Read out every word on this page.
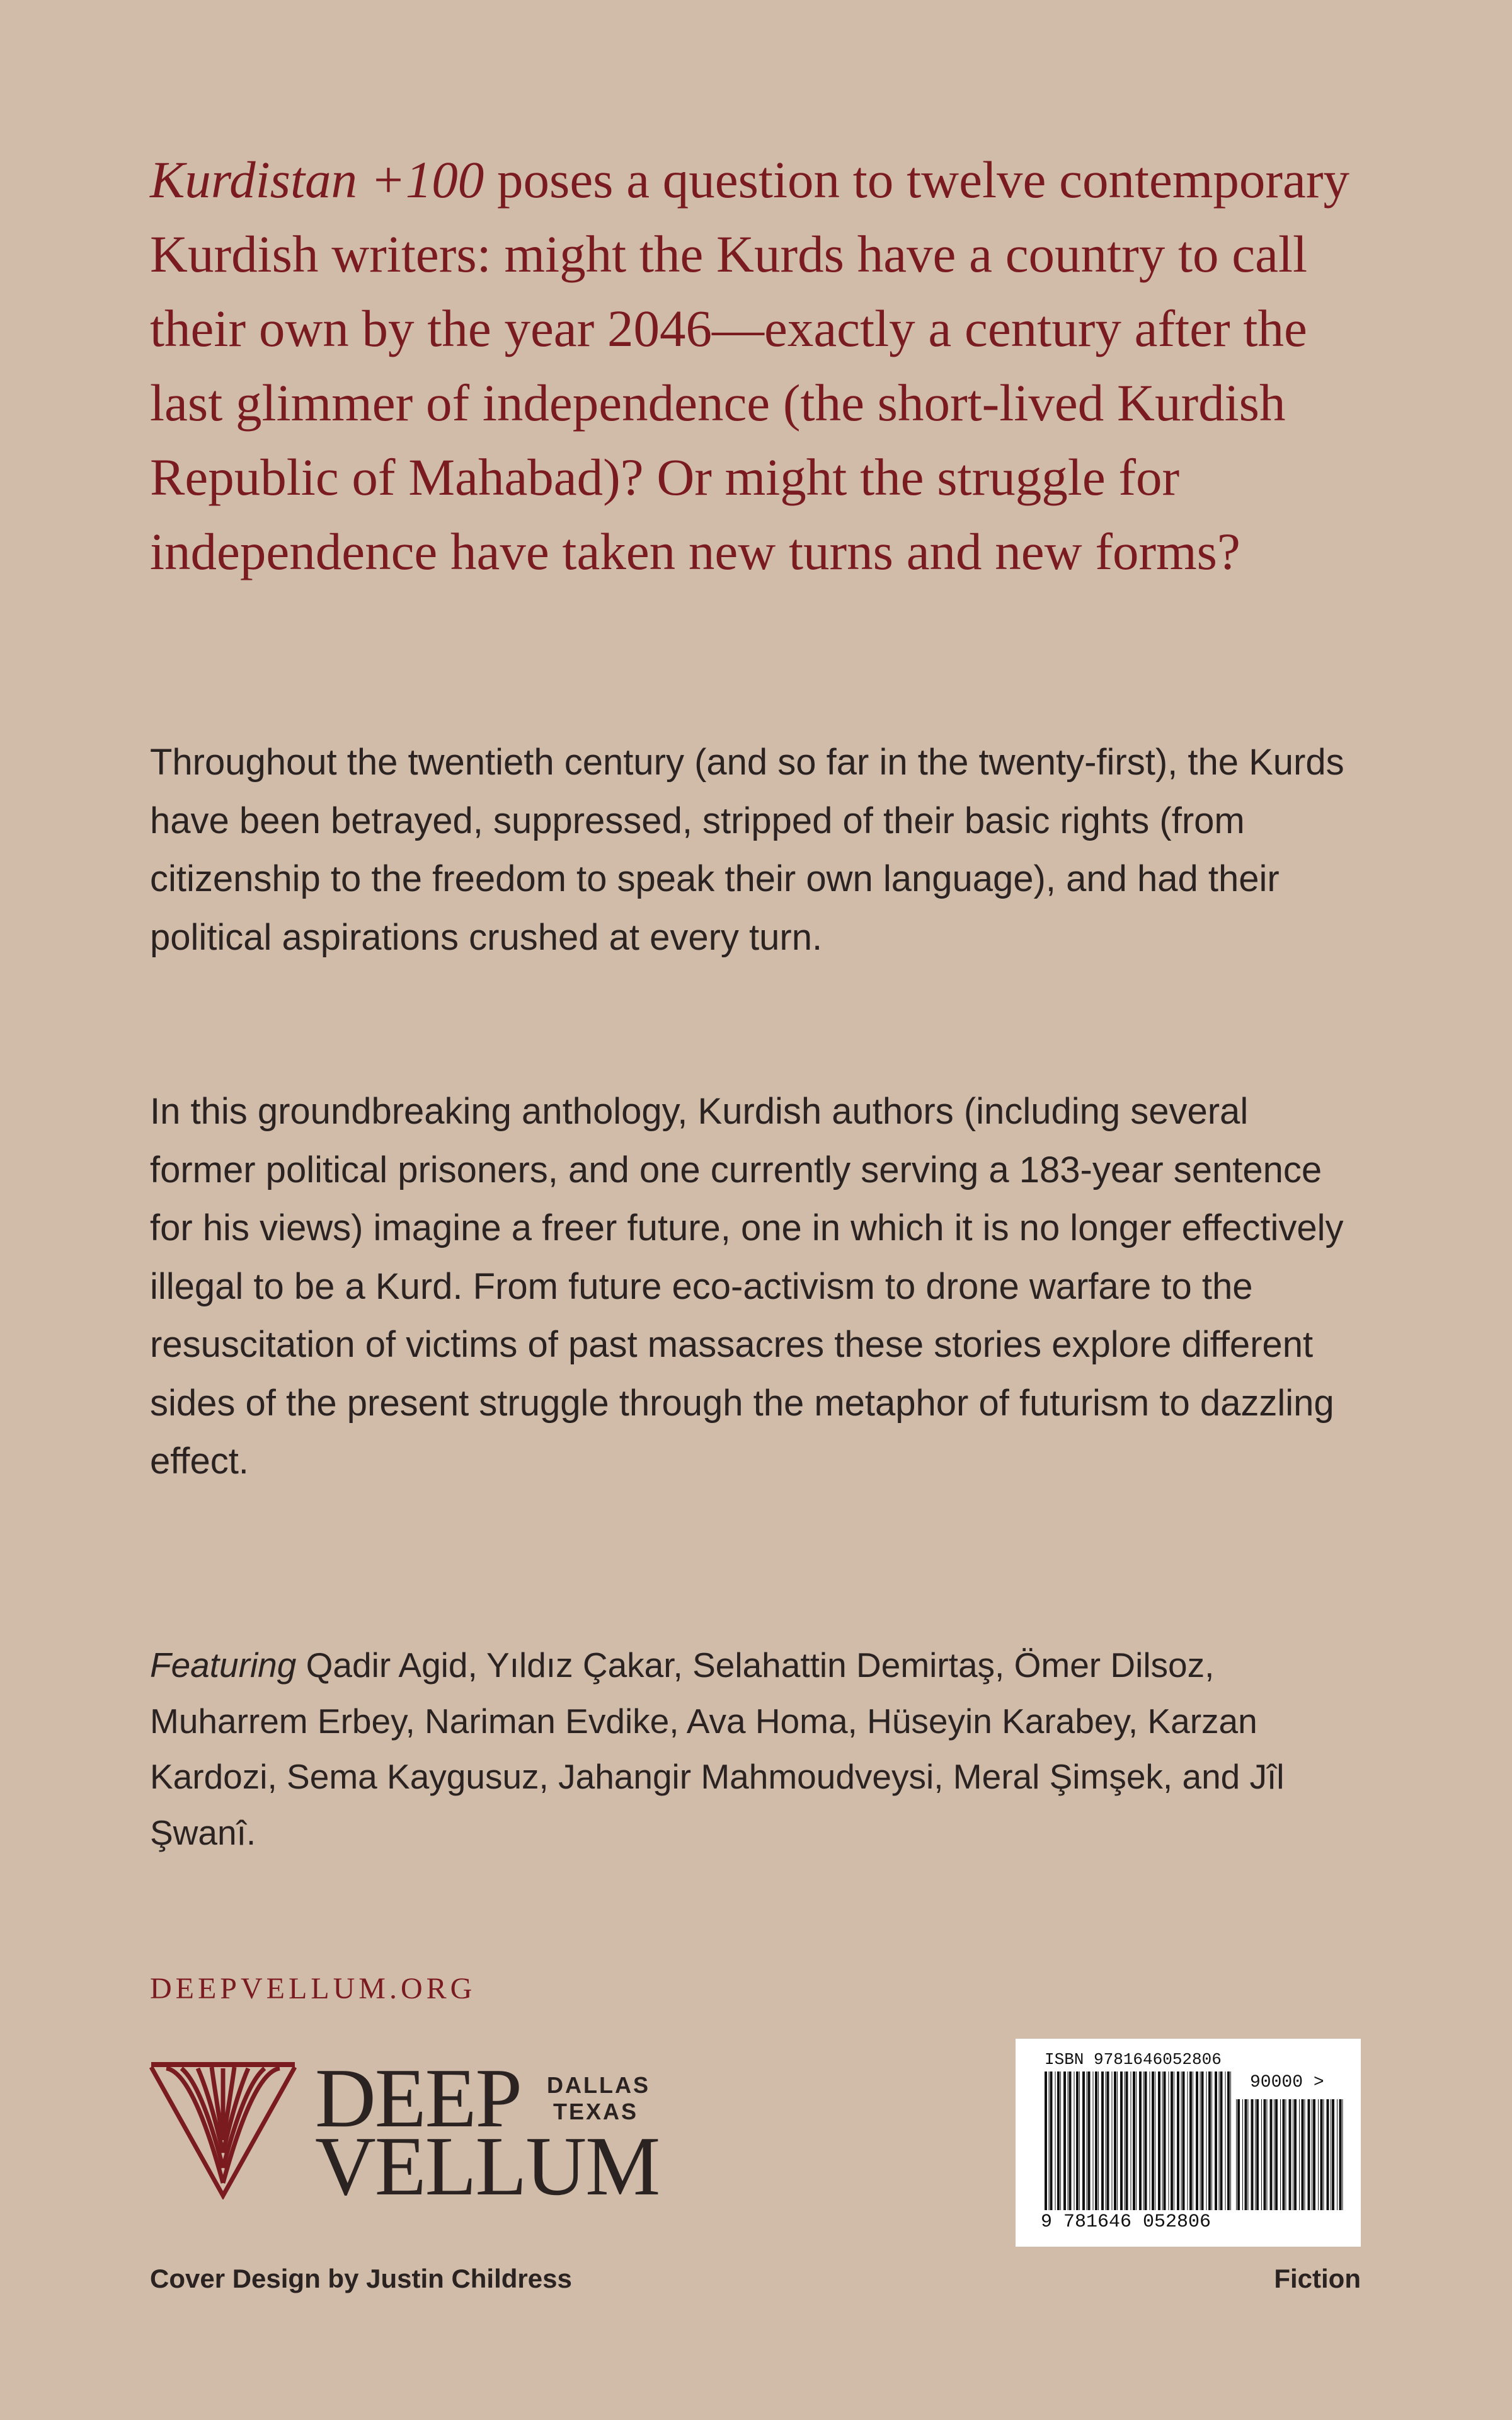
Kurdistan +100 poses a question to twelve contemporary Kurdish writers: might the Kurds have a country to call their own by the year 2046—exactly a century after the last glimmer of independence (the short-lived Kurdish Republic of Mahabad)? Or might the struggle for independence have taken new turns and new forms?

Throughout the twentieth century (and so far in the twenty-first), the Kurds have been betrayed, suppressed, stripped of their basic rights (from citizenship to the freedom to speak their own language), and had their political aspirations crushed at every turn.

In this groundbreaking anthology, Kurdish authors (including several former political prisoners, and one currently serving a 183-year sentence for his views) imagine a freer future, one in which it is no longer effectively illegal to be a Kurd. From future eco-activism to drone warfare to the resuscitation of victims of past massacres these stories explore different sides of the present struggle through the metaphor of futurism to dazzling effect.

Featuring Qadir Agid, Yıldız Çakar, Selahattin Demirtaş, Ömer Dilsoz, Muharrem Erbey, Nariman Evdike, Ava Homa, Hüseyin Karabey, Karzan Kardozi, Sema Kaygusuz, Jahangir Mahmoudveysi, Meral Şimşek, and Jîl Şwanî.

DEEPVELLUM.ORG
DEEP
VELLUM
DALLAS
TEXAS
ISBN 9781646052806
90000 >
9 781646 052806
Cover Design by Justin Childress	Fiction
